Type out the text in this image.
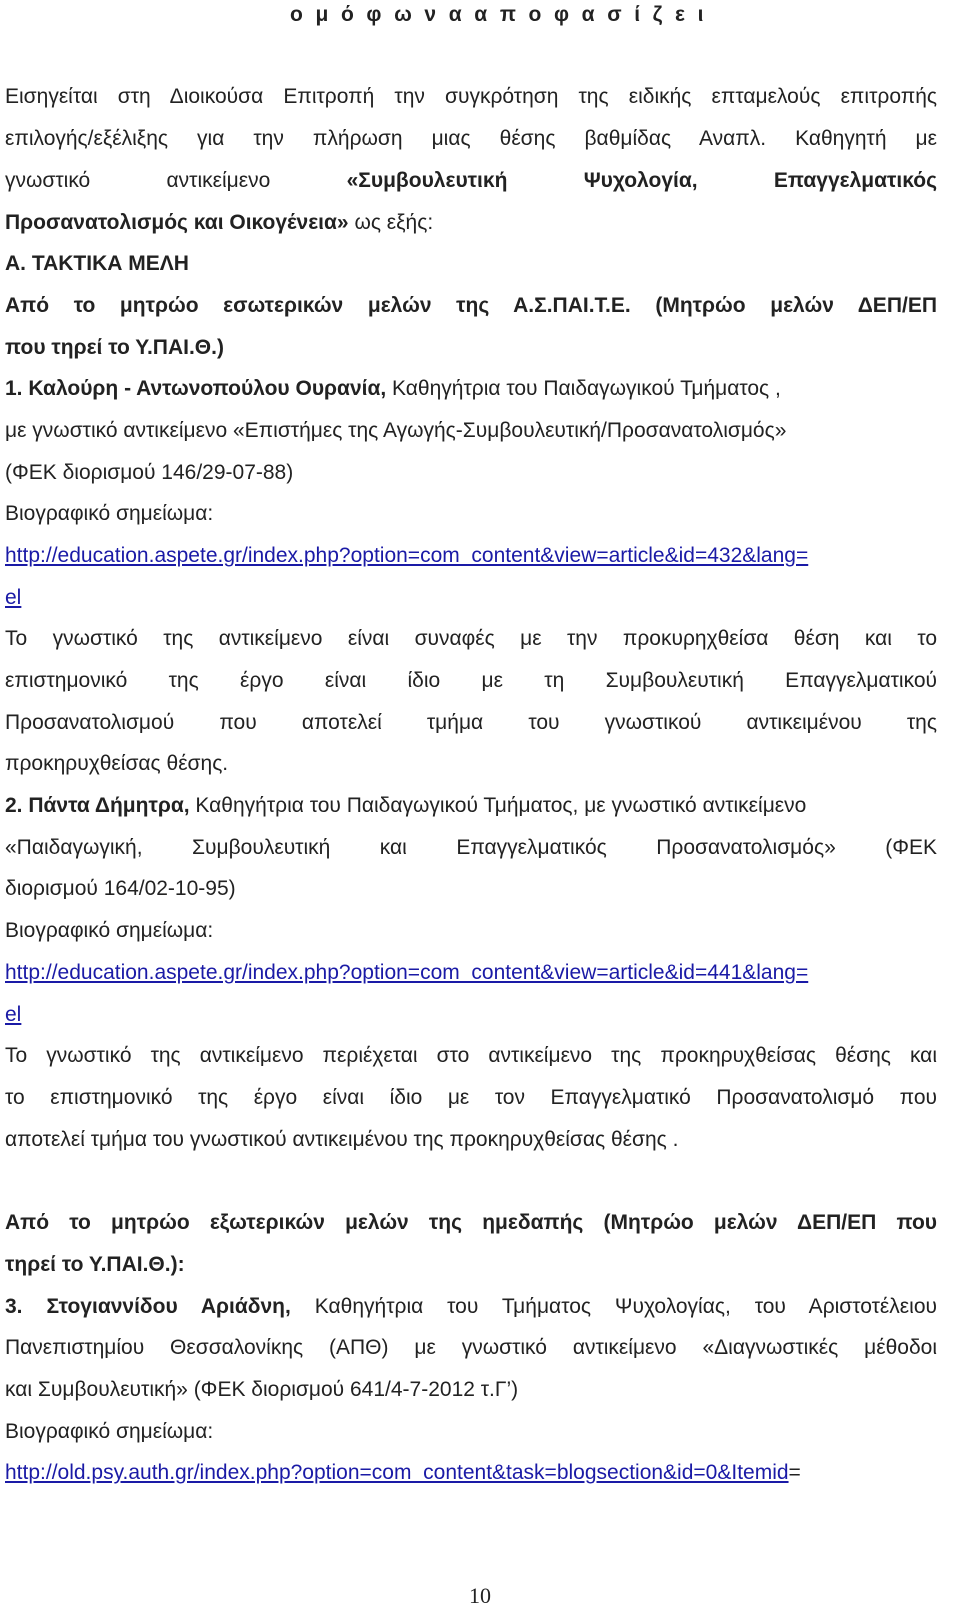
ο μ ό φ ω ν α α π ο φ α σ ί ζ ε ι
Εισηγείται στη Διοικούσα Επιτροπή την συγκρότηση της ειδικής επταμελούς επιτροπής
επιλογής/εξέλιξης για την πλήρωση μιας θέσης βαθμίδας Αναπλ. Καθηγητή με
γνωστικό αντικείμενο «Συμβουλευτική Ψυχολογία, Επαγγελματικός
Προσανατολισμός και Οικογένεια» ως εξής:
Α. ΤΑΚΤΙΚΑ ΜΕΛΗ
Από το μητρώο εσωτερικών μελών της Α.Σ.ΠΑΙ.Τ.Ε. (Μητρώο μελών ΔΕΠ/ΕΠ
που τηρεί το Υ.ΠΑΙ.Θ.)
1. Καλούρη - Αντωνοπούλου Ουρανία, Καθηγήτρια του Παιδαγωγικού Τμήματος ,
με γνωστικό αντικείμενο «Επιστήμες της Αγωγής-Συμβουλευτική/Προσανατολισμός»
(ΦΕΚ διορισμού 146/29-07-88)
Βιογραφικό σημείωμα:
http://education.aspete.gr/index.php?option=com_content&view=article&id=432&lang=
el
Το γνωστικό της αντικείμενο είναι συναφές με την προκυρηχθείσα θέση και το
επιστημονικό της έργο είναι ίδιο με τη Συμβουλευτική Επαγγελματικού
Προσανατολισμού που αποτελεί τμήμα του γνωστικού αντικειμένου της
προκηρυχθείσας θέσης.
2. Πάντα Δήμητρα, Καθηγήτρια του Παιδαγωγικού Τμήματος, με γνωστικό αντικείμενο
«Παιδαγωγική, Συμβουλευτική και Επαγγελματικός Προσανατολισμός» (ΦΕΚ
διορισμού 164/02-10-95)
Βιογραφικό σημείωμα:
http://education.aspete.gr/index.php?option=com_content&view=article&id=441&lang=
el
Το γνωστικό της αντικείμενο περιέχεται στο αντικείμενο της προκηρυχθείσας θέσης και
το επιστημονικό της έργο είναι ίδιο με τον Επαγγελματικό Προσανατολισμό που
αποτελεί τμήμα του γνωστικού αντικειμένου της προκηρυχθείσας θέσης .
Από το μητρώο εξωτερικών μελών της ημεδαπής (Μητρώο μελών ΔΕΠ/ΕΠ που
τηρεί το Υ.ΠΑΙ.Θ.):
3. Στογιαννίδου Αριάδνη, Καθηγήτρια του Τμήματος Ψυχολογίας, του Αριστοτέλειου
Πανεπιστημίου Θεσσαλονίκης (ΑΠΘ) με γνωστικό αντικείμενο «Διαγνωστικές μέθοδοι
και Συμβουλευτική» (ΦΕΚ διορισμού 641/4-7-2012 τ.Γ’)
Βιογραφικό σημείωμα:
http://old.psy.auth.gr/index.php?option=com_content&task=blogsection&id=0&Itemid=
10
